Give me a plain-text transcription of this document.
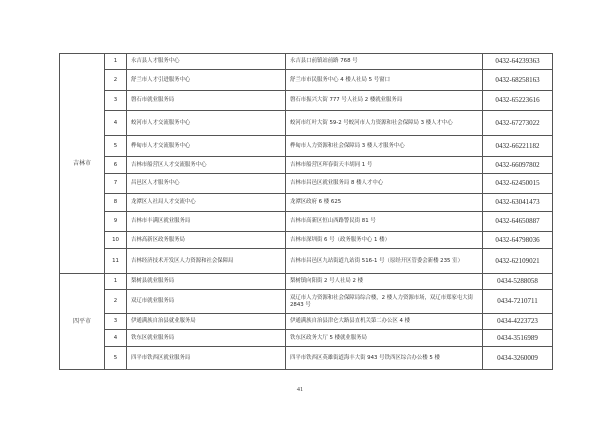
吉林市	1	永吉县人才服务中心	永吉县口前镇站前路 768 号	0432-64239363
	2	舒兰市人才引进服务中心	舒兰市市民服务中心 4 楼人社局 5 号窗口	0432-68258163
	3	磐石市就业服务局	磐石市振兴大街 777 号人社局 2 楼就业服务局	0432-65223616
	4	蛟河市人才交流服务中心	蛟河市红叶大街 59-2 号蛟河市人力资源和社会保障局 3 楼人才中心	0432-67273022
	5	桦甸市人才交流服务中心	桦甸市人力资源和社会保障局 3 楼人才服务中心	0432-66221182
	6	吉林市船营区人才交流服务中心	吉林市船营区珲春街天丰胡同 1 号	0432-66097802
	7	昌邑区人才服务中心	吉林市昌邑区就业服务局 8 楼人才中心	0432-62450015
	8	龙潭区人社局人才交流中心	龙潭区政府 6 楼 625	0432-63041473
	9	吉林市丰满区就业服务局	吉林市高新区恒山西路警民街 81 号	0432-64650887
	10	吉林高新区政务服务局	吉林市深圳街 6 号（政务服务中心 1 楼）	0432-64798036
	11	吉林经济技术开发区人力资源和社会保障局	吉林市昌邑区九站街道九站街 516-1 号（原经开区管委会新楼 235 室）	0432-62109021
四平市	1	梨树县就业服务局	梨树镇向阳街 2 号人社局 2 楼	0434-5288058
	2	双辽市就业服务局	双辽市人力资源和社会保障局综合楼，2 楼人力资源市场，双辽市郑家屯大街 2843 号	0434-7210711
	3	伊通满族自治县就业服务局	伊通满族自治县津仑大路县直机关第二办公区 4 楼	0434-4223723
	4	铁东区就业服务局	铁东区政务大厅 5 楼就业服务局	0434-3516989
	5	四平市铁西区就业服务局	四平市铁西区英雄街道海丰大街 943 号铁西区综合办公楼 5 楼	0434-3260009
41
